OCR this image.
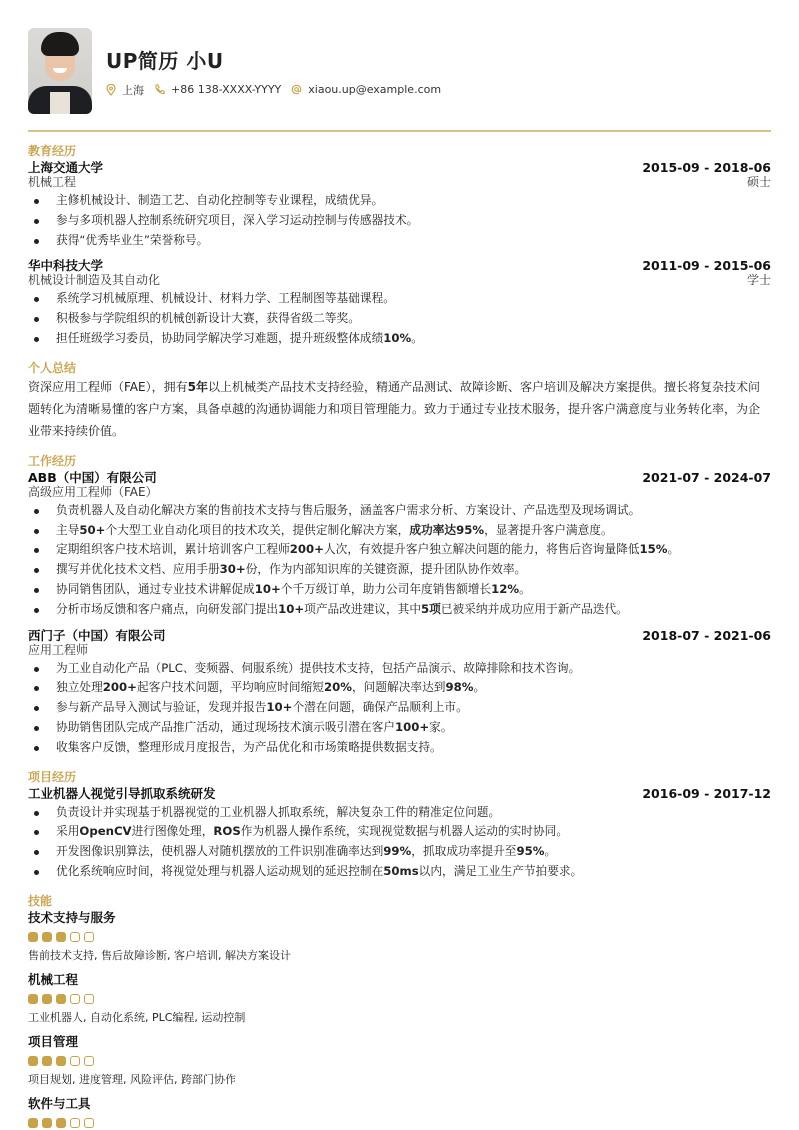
UP简历 小U
上海 +86 138-XXXX-YYYY xiaou.up@example.com
教育经历
上海交通大学	2015-09 - 2018-06
机械工程	硕士
主修机械设计、制造工艺、自动化控制等专业课程，成绩优异。
参与多项机器人控制系统研究项目，深入学习运动控制与传感器技术。
获得“优秀毕业生”荣誉称号。
华中科技大学	2011-09 - 2015-06
机械设计制造及其自动化	学士
系统学习机械原理、机械设计、材料力学、工程制图等基础课程。
积极参与学院组织的机械创新设计大赛，获得省级二等奖。
担任班级学习委员，协助同学解决学习难题，提升班级整体成绩10%。
个人总结
资深应用工程师（FAE），拥有5年以上机械类产品技术支持经验，精通产品测试、故障诊断、客户培训及解决方案提供。擅长将复杂技术问题转化为清晰易懂的客户方案，具备卓越的沟通协调能力和项目管理能力。致力于通过专业技术服务，提升客户满意度与业务转化率，为企业带来持续价值。
工作经历
ABB（中国）有限公司	2021-07 - 2024-07
高级应用工程师（FAE）
负责机器人及自动化解决方案的售前技术支持与售后服务，涵盖客户需求分析、方案设计、产品选型及现场调试。
主导50+个大型工业自动化项目的技术攻关，提供定制化解决方案，成功率达95%，显著提升客户满意度。
定期组织客户技术培训，累计培训客户工程师200+人次，有效提升客户独立解决问题的能力，将售后咨询量降低15%。
撰写并优化技术文档、应用手册30+份，作为内部知识库的关键资源，提升团队协作效率。
协同销售团队，通过专业技术讲解促成10+个千万级订单，助力公司年度销售额增长12%。
分析市场反馈和客户痛点，向研发部门提出10+项产品改进建议，其中5项已被采纳并成功应用于新产品迭代。
西门子（中国）有限公司	2018-07 - 2021-06
应用工程师
为工业自动化产品（PLC、变频器、伺服系统）提供技术支持，包括产品演示、故障排除和技术咨询。
独立处理200+起客户技术问题，平均响应时间缩短20%，问题解决率达到98%。
参与新产品导入测试与验证，发现并报告10+个潜在问题，确保产品顺利上市。
协助销售团队完成产品推广活动，通过现场技术演示吸引潜在客户100+家。
收集客户反馈，整理形成月度报告，为产品优化和市场策略提供数据支持。
项目经历
工业机器人视觉引导抓取系统研发	2016-09 - 2017-12
负责设计并实现基于机器视觉的工业机器人抓取系统，解决复杂工件的精准定位问题。
采用OpenCV进行图像处理，ROS作为机器人操作系统，实现视觉数据与机器人运动的实时协同。
开发图像识别算法，使机器人对随机摆放的工件识别准确率达到99%，抓取成功率提升至95%。
优化系统响应时间，将视觉处理与机器人运动规划的延迟控制在50ms以内，满足工业生产节拍要求。
技能
技术支持与服务
售前技术支持, 售后故障诊断, 客户培训, 解决方案设计
机械工程
工业机器人, 自动化系统, PLC编程, 运动控制
项目管理
项目规划, 进度管理, 风险评估, 跨部门协作
软件与工具
